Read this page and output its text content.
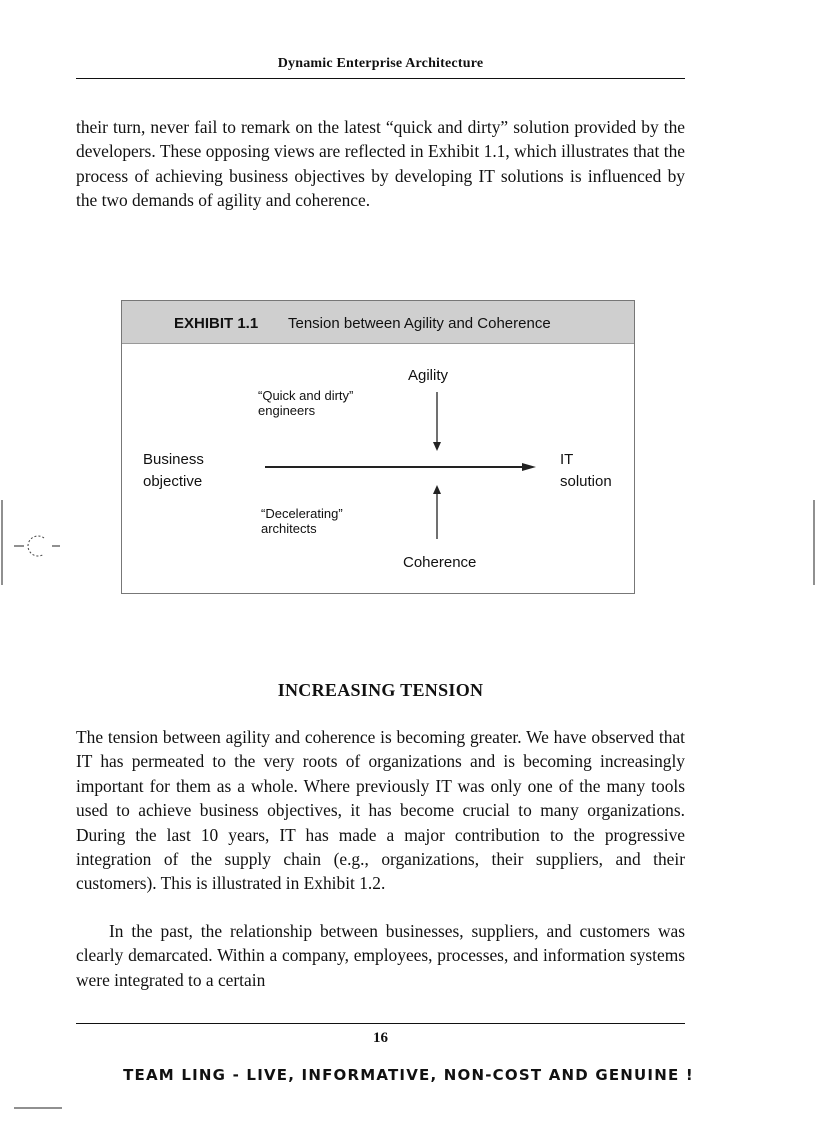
Dynamic Enterprise Architecture

their turn, never fail to remark on the latest “quick and dirty” solution provided by the developers. These opposing views are reflected in Exhibit 1.1, which illustrates that the process of achieving business objectives by developing IT solutions is influenced by the two demands of agility and coherence.

EXHIBIT 1.1 Tension between Agility and Coherence
Agility
Coherence
Business
objective
IT
solution
“Quick and dirty”
engineers
“Decelerating”
architects
INCREASING TENSION

The tension between agility and coherence is becoming greater. We have observed that IT has permeated to the very roots of organizations and is becoming increasingly important for them as a whole. Where previously IT was only one of the many tools used to achieve business objectives, it has become crucial to many organizations. During the last 10 years, IT has made a major contribution to the progressive integration of the supply chain (e.g., organizations, their suppliers, and their customers). This is illustrated in Exhibit 1.2.

In the past, the relationship between businesses, suppliers, and customers was clearly demarcated. Within a company, employees, processes, and information systems were integrated to a certain

16
TEAM LING - LIVE, INFORMATIVE, NON-COST AND GENUINE !
